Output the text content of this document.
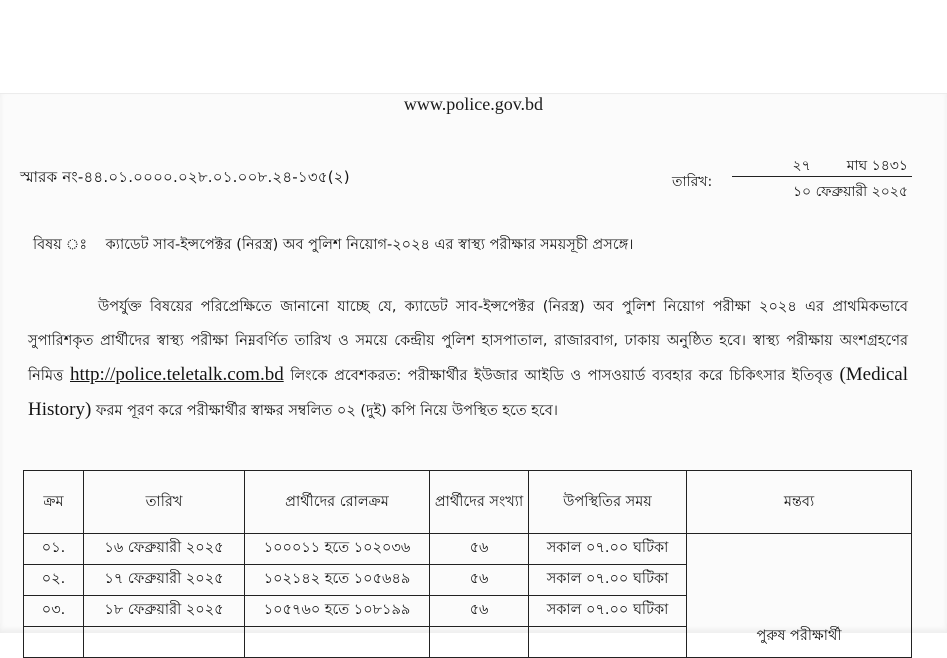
www.police.gov.bd
স্মারক নং-৪৪.০১.০০০০.০২৮.০১.০০৮.২৪-১৩৫(২)	তারিখ:
২৭	মাঘ ১৪৩১
১০ ফেব্রুয়ারী ২০২৫
বিষয় ঃ ক্যাডেট সাব-ইন্সপেক্টর (নিরস্ত্র) অব পুলিশ নিয়োগ-২০২৪ এর স্বাস্থ্য পরীক্ষার সময়সূচী প্রসঙ্গে।
উপর্যুক্ত বিষয়ের পরিপ্রেক্ষিতে জানানো যাচ্ছে যে, ক্যাডেট সাব-ইন্সপেক্টর (নিরস্ত্র) অব পুলিশ নিয়োগ পরীক্ষা ২০২৪ এর প্রাথমিকভাবে সুপারিশকৃত প্রার্থীদের স্বাস্থ্য পরীক্ষা নিম্নবর্ণিত তারিখ ও সময়ে কেন্দ্রীয় পুলিশ হাসপাতাল, রাজারবাগ, ঢাকায় অনুষ্ঠিত হবে। স্বাস্থ্য পরীক্ষায় অংশগ্রহণের নিমিত্ত http://police.teletalk.com.bd লিংকে প্রবেশকরত: পরীক্ষার্থীর ইউজার আইডি ও পাসওয়ার্ড ব্যবহার করে চিকিৎসার ইতিবৃত্ত (Medical History) ফরম পূরণ করে পরীক্ষার্থীর স্বাক্ষর সম্বলিত ০২ (দুই) কপি নিয়ে উপস্থিত হতে হবে।
ক্রম	তারিখ	প্রার্থীদের রোলক্রম	প্রার্থীদের সংখ্যা	উপস্থিতির সময়	মন্তব্য
০১.	১৬ ফেব্রুয়ারী ২০২৫	১০০০১১ হতে ১০২০৩৬	৫৬	সকাল ০৭.০০ ঘটিকা	পুরুষ পরীক্ষার্থী
০২.	১৭ ফেব্রুয়ারী ২০২৫	১০২১৪২ হতে ১০৫৬৪৯	৫৬	সকাল ০৭.০০ ঘটিকা	
০৩.	১৮ ফেব্রুয়ারী ২০২৫	১০৫৭৬০ হতে ১০৮১৯৯	৫৬	সকাল ০৭.০০ ঘটিকা	
